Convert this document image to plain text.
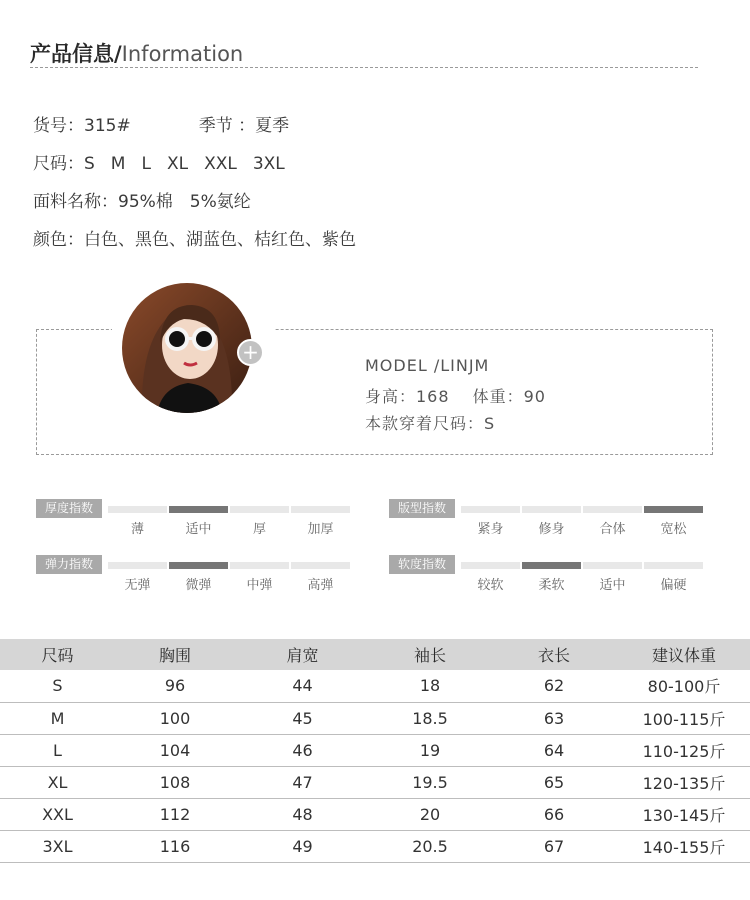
产品信息/Information
货号：315#	季节 ：夏季
尺码：S M L XL XXL 3XL
面料名称：95%棉　5%氨纶
颜色：白色、黑色、湖蓝色、桔红色、紫色
+
MODEL /LINJM
身高：168　 体重：90
本款穿着尺码：S
厚度指数
薄	适中	厚	加厚
版型指数
紧身	修身	合体	宽松
弹力指数
无弹	微弹	中弹	高弹
软度指数
较软	柔软	适中	偏硬
尺码	胸围	肩宽	袖长	衣长	建议体重
S	96	44	18	62	80-100斤
M	100	45	18.5	63	100-115斤
L	104	46	19	64	110-125斤
XL	108	47	19.5	65	120-135斤
XXL	112	48	20	66	130-145斤
3XL	116	49	20.5	67	140-155斤
